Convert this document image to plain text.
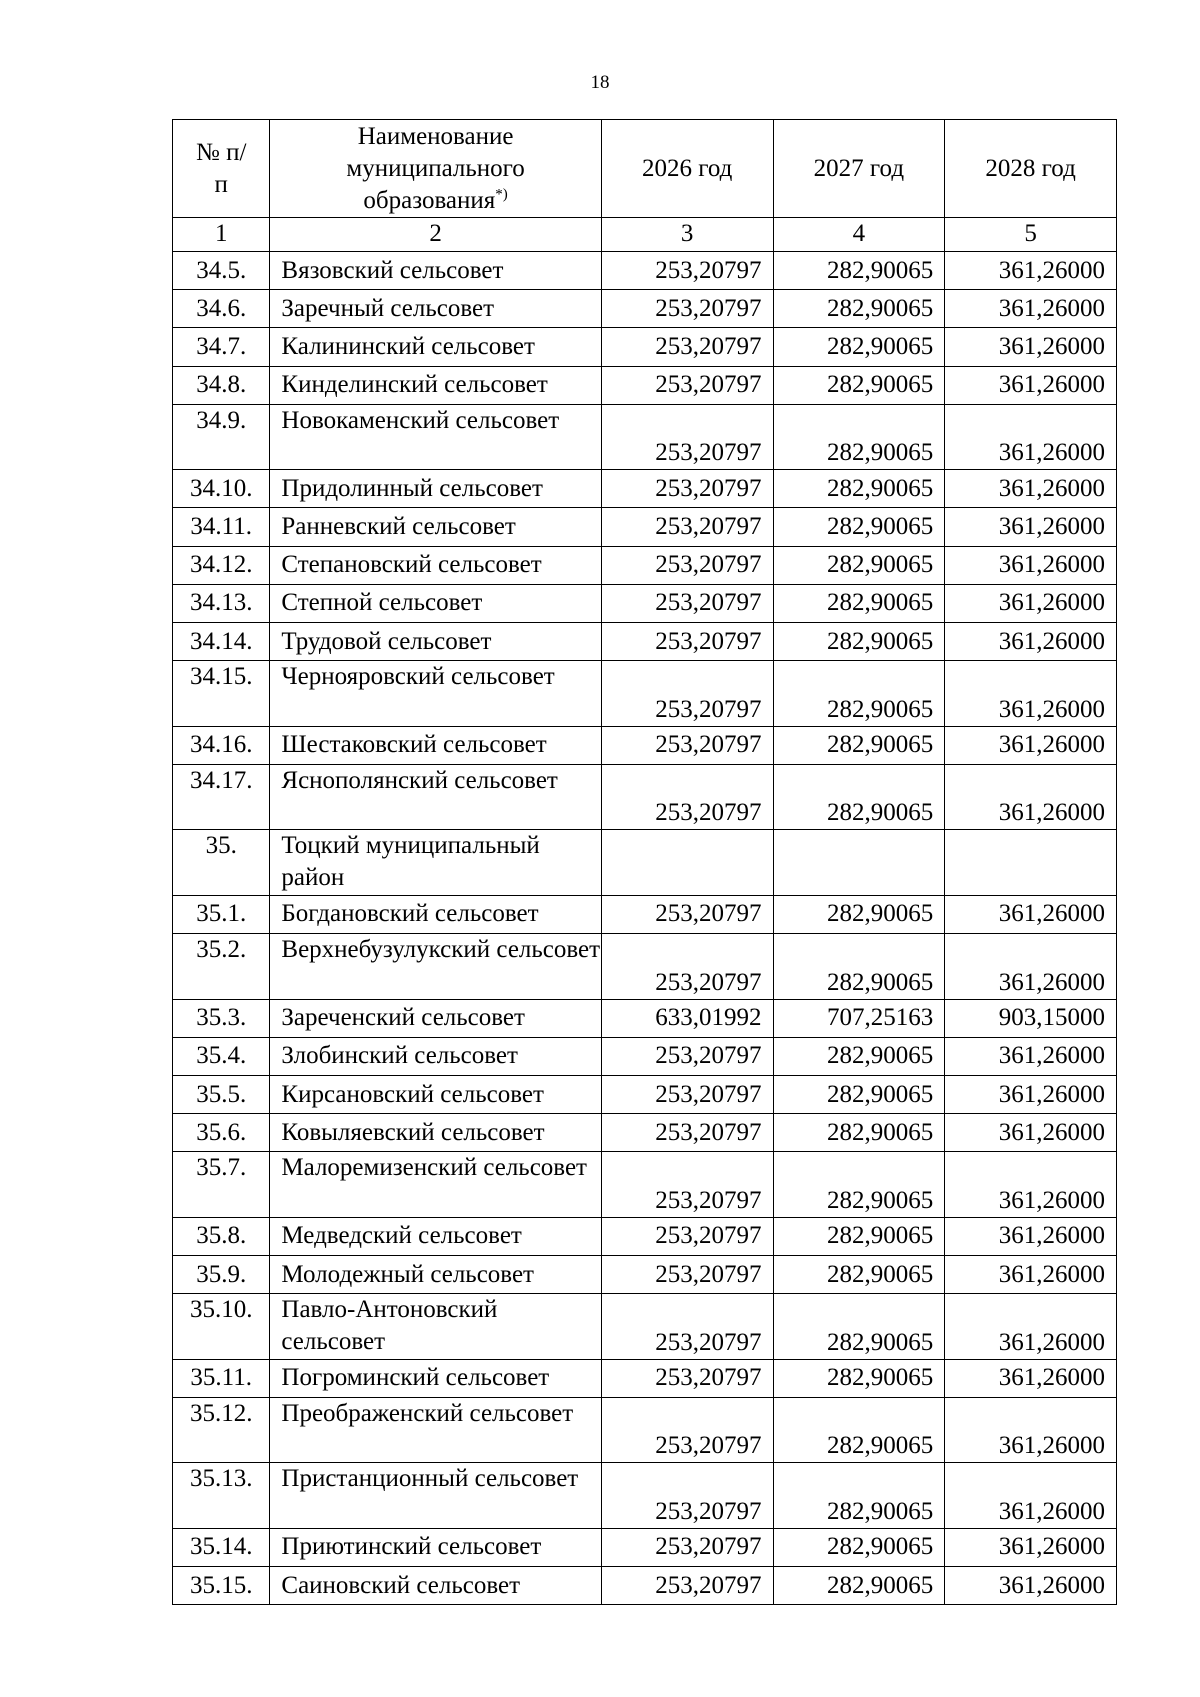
18
№ п/п	Наименование муниципального образования*)	2026 год	2027 год	2028 год
1	2	3	4	5
34.5.	Вязовский сельсовет	253,20797	282,90065	361,26000
34.6.	Заречный сельсовет	253,20797	282,90065	361,26000
34.7.	Калининский сельсовет	253,20797	282,90065	361,26000
34.8.	Кинделинский сельсовет	253,20797	282,90065	361,26000
34.9.	Новокаменский сельсовет	253,20797	282,90065	361,26000
34.10.	Придолинный сельсовет	253,20797	282,90065	361,26000
34.11.	Ранневский сельсовет	253,20797	282,90065	361,26000
34.12.	Степановский сельсовет	253,20797	282,90065	361,26000
34.13.	Степной сельсовет	253,20797	282,90065	361,26000
34.14.	Трудовой сельсовет	253,20797	282,90065	361,26000
34.15.	Чернояровский сельсовет	253,20797	282,90065	361,26000
34.16.	Шестаковский сельсовет	253,20797	282,90065	361,26000
34.17.	Яснополянский сельсовет	253,20797	282,90065	361,26000
35.	Тоцкий муниципальный район			
35.1.	Богдановский сельсовет	253,20797	282,90065	361,26000
35.2.	Верхнебузулукский сельсовет	253,20797	282,90065	361,26000
35.3.	Зареченский сельсовет	633,01992	707,25163	903,15000
35.4.	Злобинский сельсовет	253,20797	282,90065	361,26000
35.5.	Кирсановский сельсовет	253,20797	282,90065	361,26000
35.6.	Ковыляевский сельсовет	253,20797	282,90065	361,26000
35.7.	Малоремизенский сельсовет	253,20797	282,90065	361,26000
35.8.	Медведский сельсовет	253,20797	282,90065	361,26000
35.9.	Молодежный сельсовет	253,20797	282,90065	361,26000
35.10.	Павло-Антоновский сельсовет	253,20797	282,90065	361,26000
35.11.	Погроминский сельсовет	253,20797	282,90065	361,26000
35.12.	Преображенский сельсовет	253,20797	282,90065	361,26000
35.13.	Пристанционный сельсовет	253,20797	282,90065	361,26000
35.14.	Приютинский сельсовет	253,20797	282,90065	361,26000
35.15.	Саиновский сельсовет	253,20797	282,90065	361,26000
